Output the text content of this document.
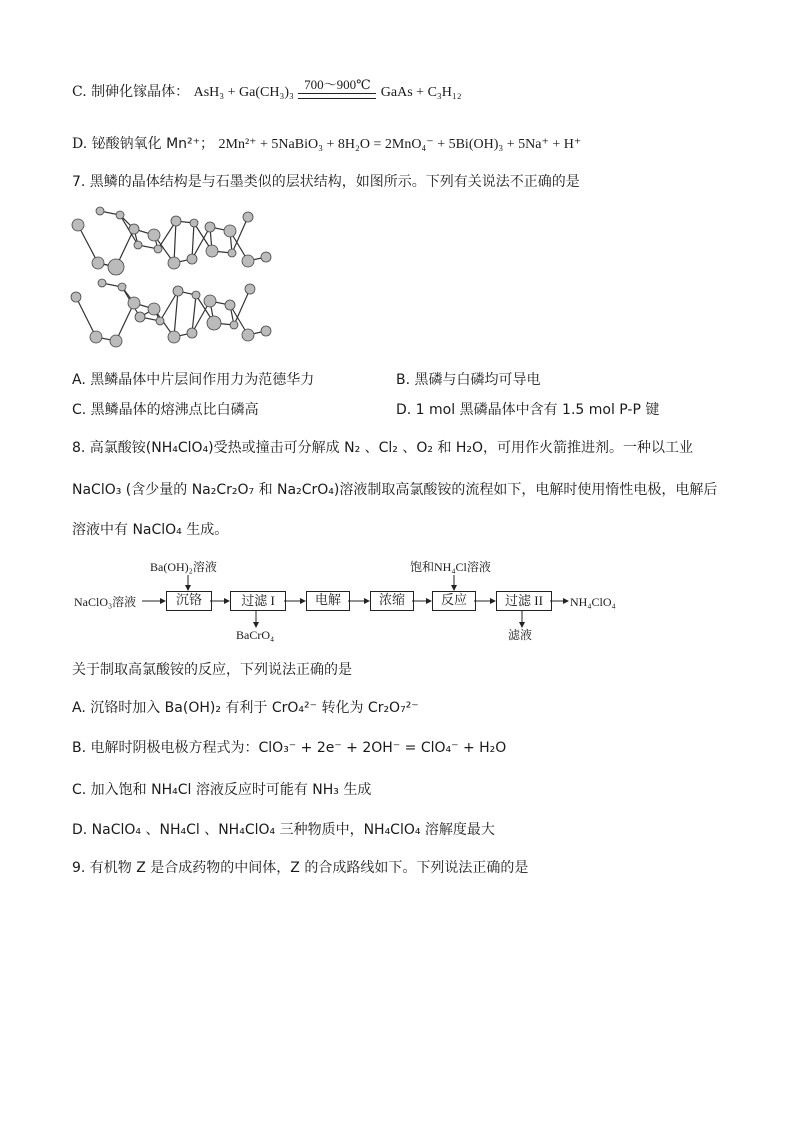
C. 制砷化镓晶体： AsH₃ + Ga(CH₃)₃
700～900℃
GaAs + C₃H₁₂
D. 铋酸钠氧化 Mn²⁺； 2Mn²⁺ + 5NaBiO₃ + 8H₂O = 2MnO₄⁻ + 5Bi(OH)₃ + 5Na⁺ + H⁺
7. 黑鳞的晶体结构是与石墨类似的层状结构，如图所示。下列有关说法不正确的是
A. 黑鳞晶体中片层间作用力为范德华力	B. 黑磷与白磷均可导电
C. 黑鳞晶体的熔沸点比白磷高	D. 1 mol 黑磷晶体中含有 1.5 mol P-P 键
8. 高氯酸铵(NH₄ClO₄)受热或撞击可分解成 N₂ 、Cl₂ 、O₂ 和 H₂O，可用作火箭推进剂。一种以工业
NaClO₃ (含少量的 Na₂Cr₂O₇ 和 Na₂CrO₄)溶液制取高氯酸铵的流程如下，电解时使用惰性电极，电解后
溶液中有 NaClO₄ 生成。
Ba(OH)₂溶液	饱和NH₄Cl溶液
NaClO₃溶液	沉铬	过滤 I	电解	浓缩	反应	过滤 II	NH₄ClO₄
BaCrO₄	滤液
关于制取高氯酸铵的反应，下列说法正确的是
A. 沉铬时加入 Ba(OH)₂ 有利于 CrO₄²⁻ 转化为 Cr₂O₇²⁻
B. 电解时阴极电极方程式为：ClO₃⁻ + 2e⁻ + 2OH⁻ = ClO₄⁻ + H₂O
C. 加入饱和 NH₄Cl 溶液反应时可能有 NH₃ 生成
D. NaClO₄ 、NH₄Cl 、NH₄ClO₄ 三种物质中，NH₄ClO₄ 溶解度最大
9. 有机物 Z 是合成药物的中间体，Z 的合成路线如下。下列说法正确的是
